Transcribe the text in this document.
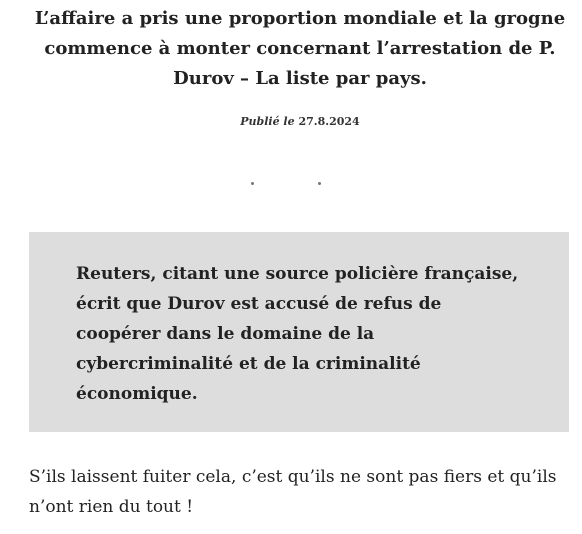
L’affaire a pris une proportion mondiale et la grogne commence à monter concernant l’arrestation de P. Durov – La liste par pays.
Publié le 27.8.2024

Reuters, citant une source policière française, écrit que Durov est accusé de refus de coopérer dans le domaine de la cybercriminalité et de la criminalité économique.

S’ils laissent fuiter cela, c’est qu’ils ne sont pas fiers et qu’ils n’ont rien du tout !
